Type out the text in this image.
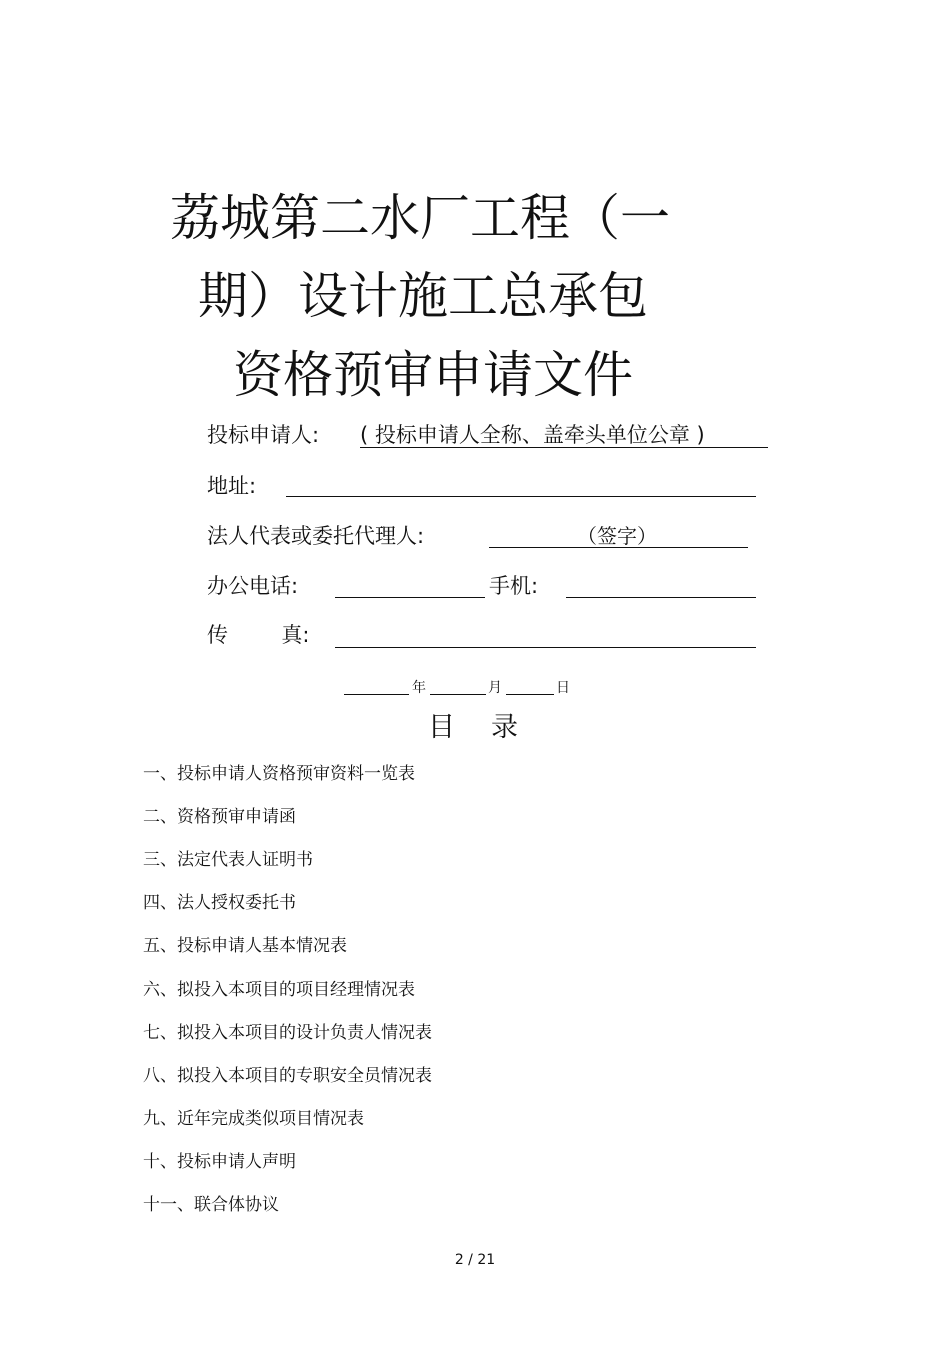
荔城第二水厂工程（一
期）设计施工总承包
资格预审申请文件
投标申请人: ( 投标申请人全称、盖牵头单位公章 )
地址:
法人代表或委托代理人:	（签字）
办公电话:	手机:
传        真:
年	月	日
目录
一、投标申请人资格预审资料一览表
二、资格预审申请函
三、法定代表人证明书
四、法人授权委托书
五、投标申请人基本情况表
六、拟投入本项目的项目经理情况表
七、拟投入本项目的设计负责人情况表
八、拟投入本项目的专职安全员情况表
九、近年完成类似项目情况表
十、投标申请人声明
十一、联合体协议
2 / 21
